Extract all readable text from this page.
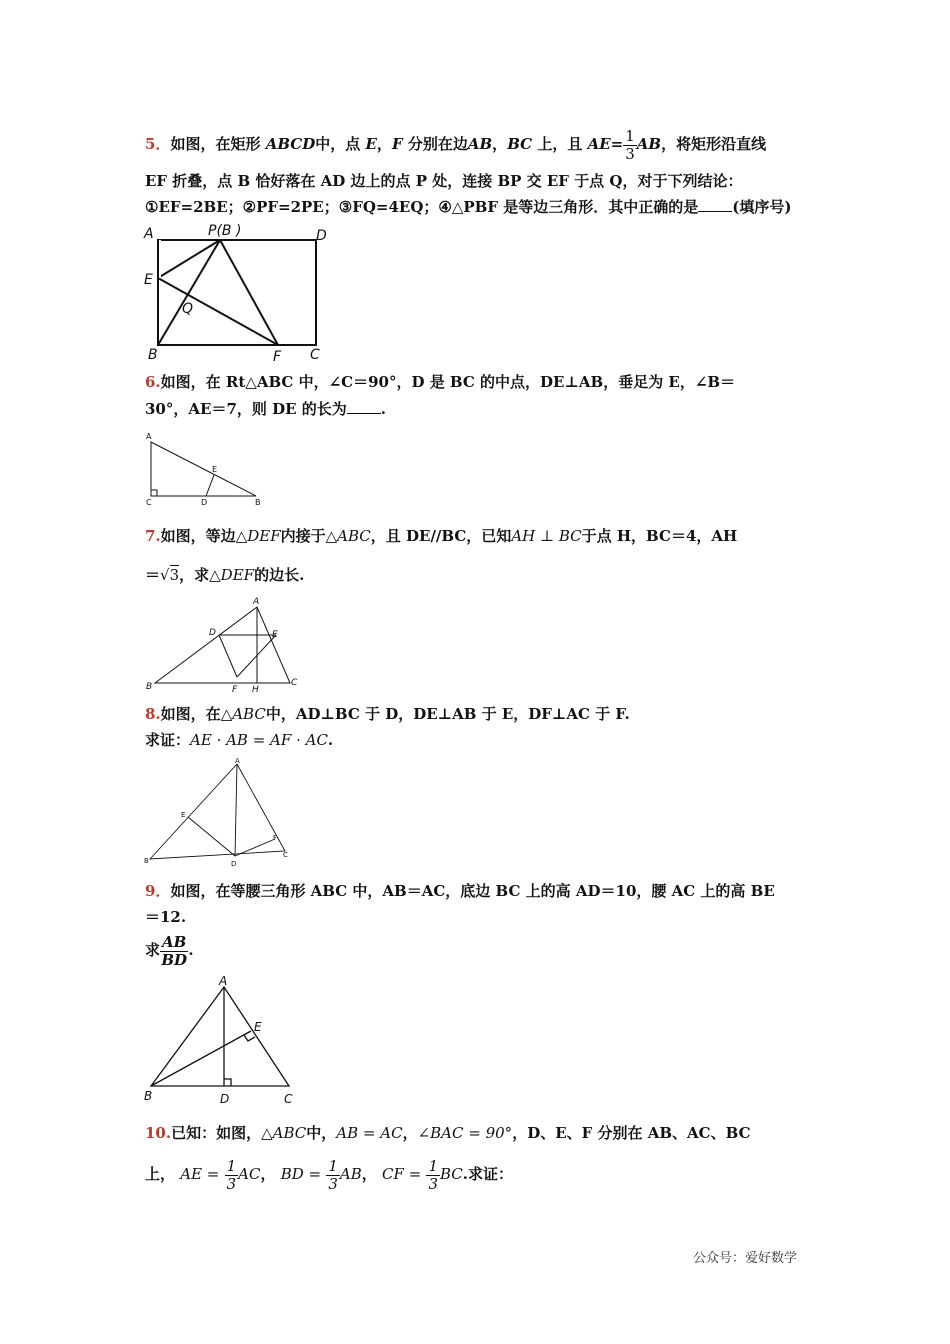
5．如图，在矩形 ABCD中，点 E，F 分别在边AB，BC 上，且 $AE= \frac{1}{3}$ AB，将矩形沿直线
EF 折叠，点 B 恰好落在 AD 边上的点 P 处，连接 BP 交 EF 于点 Q，对于下列结论：
①EF=2BE；②PF=2PE；③FQ=4EQ；④△PBF 是等边三角形．其中正确的是 (填序号)
A	P(B )	D
E
Q
B	F C
6.如图，在 Rt△ABC 中，∠C＝90°，D 是 BC 的中点，DE⊥AB，垂足为 E，∠B＝
30°，AE＝7，则 DE 的长为 .
A
E
C	D	B
7.如图，等边△DEF内接于△ABC，且 DE//BC，已知AH ⊥ BC于点 H，BC＝4，AH
＝√3，求△DEF的边长.
A
D	E
B	F H
C
8.如图，在△ABC中，AD⊥BC 于 D，DE⊥AB 于 E，DF⊥AC 于 F.
求证：AE · AB = AF · AC.
A
E
F
B	D
C
9．如图，在等腰三角形 ABC 中，AB＝AC，底边 BC 上的高 AD＝10，腰 AC 上的高 BE
＝12.
求 $\frac{AB}{BD}$ .
A
E
B	D	C
10.已知：如图，△ABC中，AB = AC，∠BAC = 90°，D、E、F 分别在 AB、AC、BC
上， AE = $\frac{1}{3}$ AC， BD = $\frac{1}{3}$ AB， CF = $\frac{1}{3}$ BC.求证：
公众号：爱好数学
